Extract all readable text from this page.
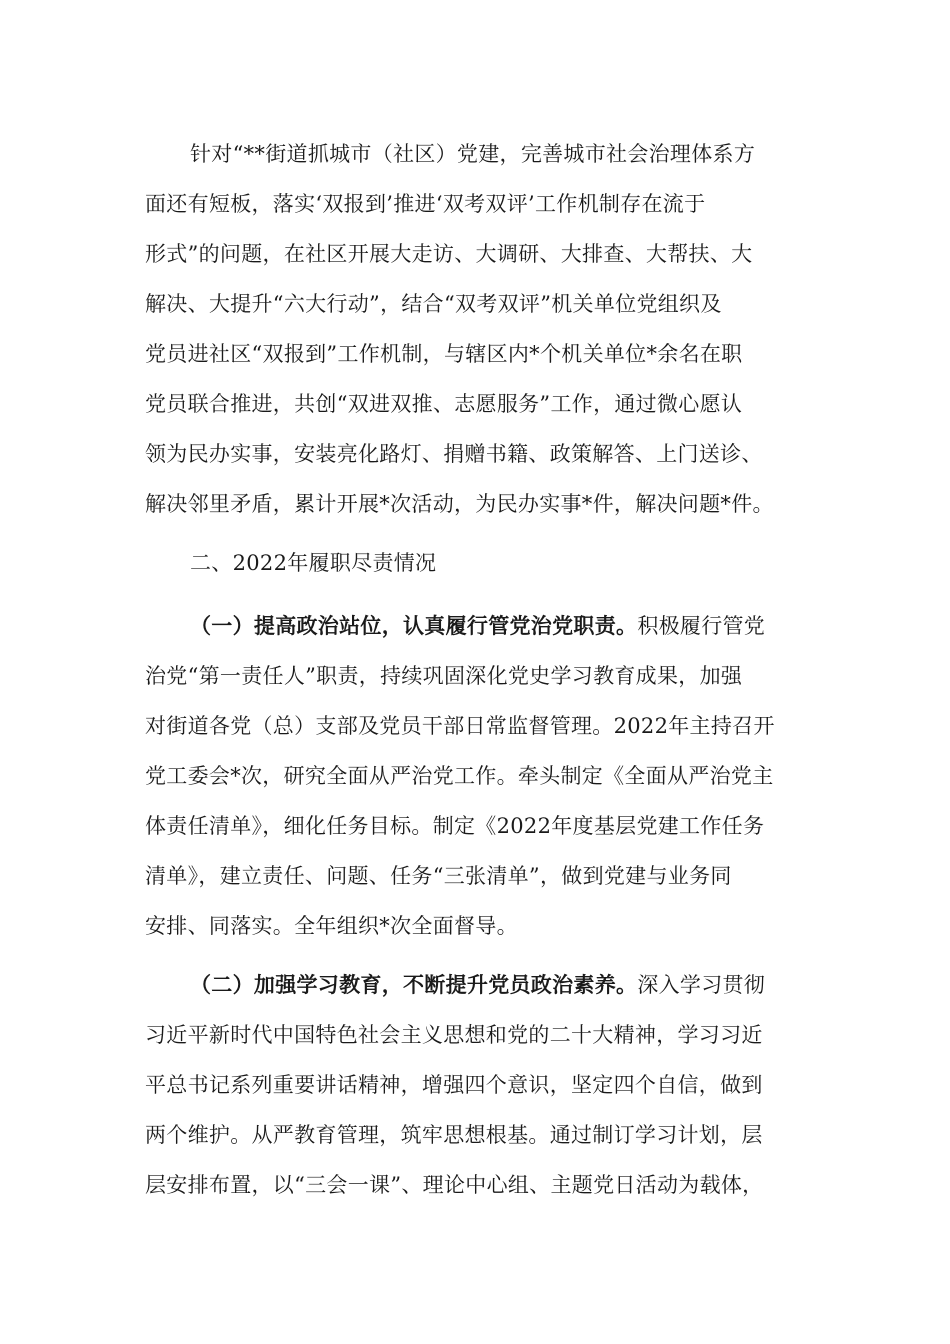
针对“**街道抓城市（社区）党建，完善城市社会治理体系方
面还有短板，落实‘双报到’推进‘双考双评’工作机制存在流于
形式”的问题，在社区开展大走访、大调研、大排查、大帮扶、大
解决、大提升“六大行动”，结合“双考双评”机关单位党组织及
党员进社区“双报到”工作机制，与辖区内*个机关单位*余名在职
党员联合推进，共创“双进双推、志愿服务”工作，通过微心愿认
领为民办实事，安装亮化路灯、捐赠书籍、政策解答、上门送诊、
解决邻里矛盾，累计开展*次活动，为民办实事*件，解决问题*件。
二、2022年履职尽责情况
（一）提高政治站位，认真履行管党治党职责。积极履行管党
治党“第一责任人”职责，持续巩固深化党史学习教育成果，加强
对街道各党（总）支部及党员干部日常监督管理。2022年主持召开
党工委会*次，研究全面从严治党工作。牵头制定《全面从严治党主
体责任清单》，细化任务目标。制定《2022年度基层党建工作任务
清单》，建立责任、问题、任务“三张清单”，做到党建与业务同
安排、同落实。全年组织*次全面督导。
（二）加强学习教育，不断提升党员政治素养。深入学习贯彻
习近平新时代中国特色社会主义思想和党的二十大精神，学习习近
平总书记系列重要讲话精神，增强四个意识，坚定四个自信，做到
两个维护。从严教育管理，筑牢思想根基。通过制订学习计划，层
层安排布置，以“三会一课”、理论中心组、主题党日活动为载体，
